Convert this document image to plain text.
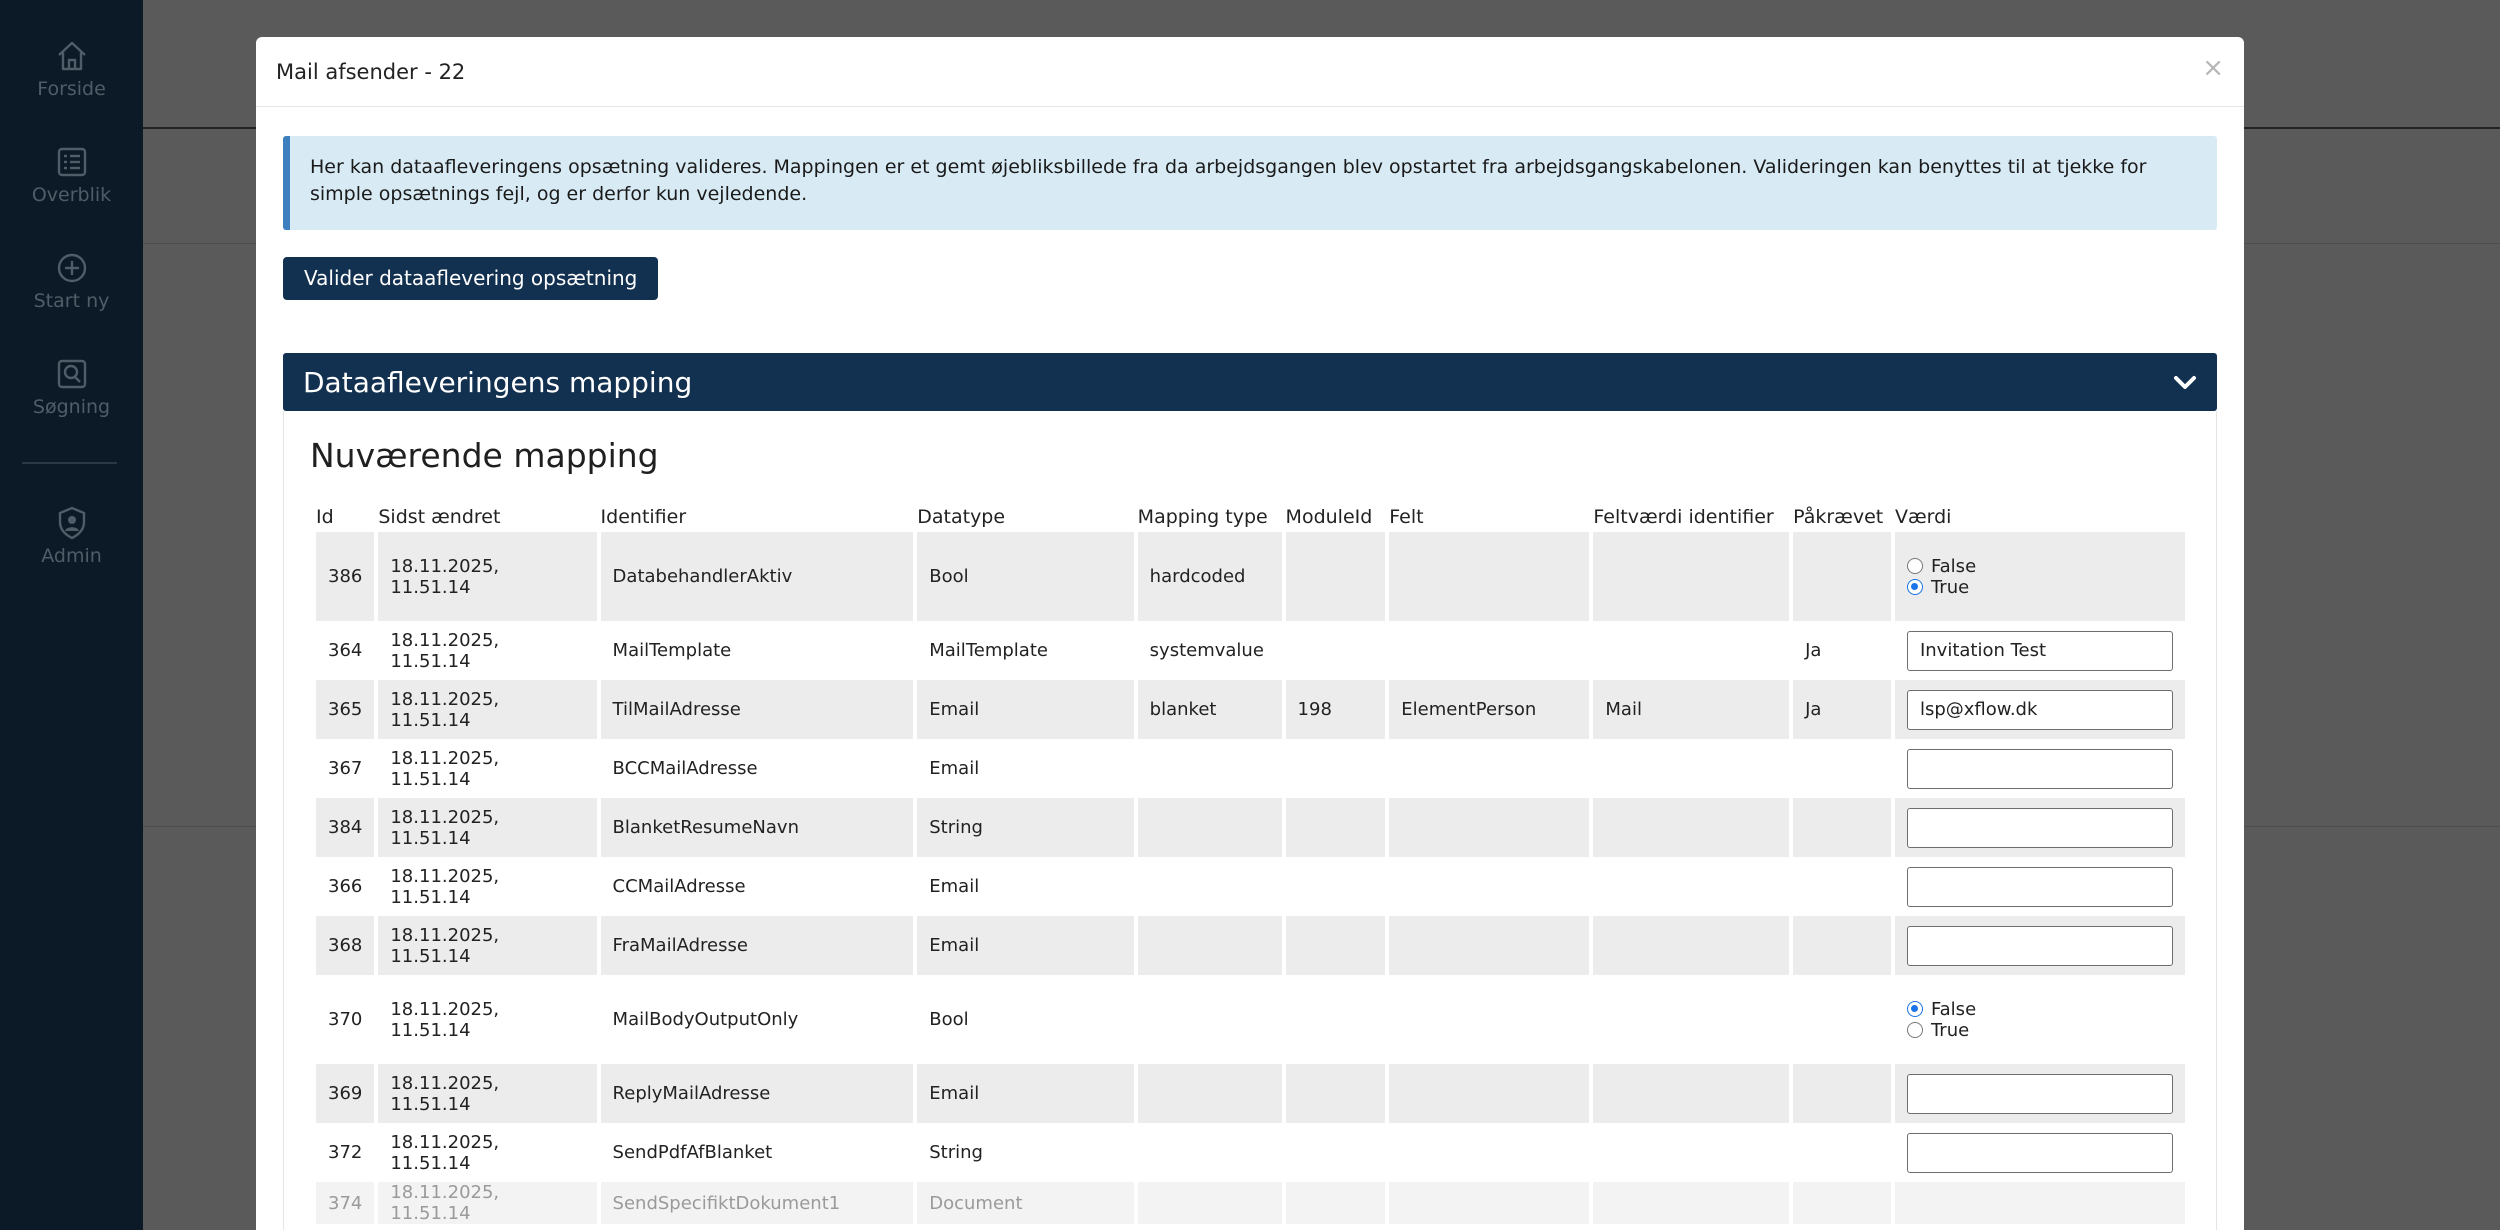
Forside
Overblik
Start ny
Søgning
Admin
Mail afsender - 22	×
Her kan dataafleveringens opsætning valideres. Mappingen er et gemt øjebliksbillede fra da arbejdsgangen blev opstartet fra arbejdsgangskabelonen. Valideringen kan benyttes til at tjekke for simple opsætnings fejl, og er derfor kun vejledende.
Valider dataaflevering opsætning
Dataafleveringens mapping
Nuværende mapping
Id	Sidst ændret	Identifier	Datatype	Mapping type	ModuleId	Felt	Feltværdi identifier	Påkrævet	Værdi
386	18.11.2025, 11.51.14	DatabehandlerAktiv	Bool	hardcoded					False
True

364	18.11.2025, 11.51.14	MailTemplate	MailTemplate	systemvalue				Ja	Invitation Test
365	18.11.2025, 11.51.14	TilMailAdresse	Email	blanket	198	ElementPerson	Mail	Ja	lsp@xflow.dk
367	18.11.2025, 11.51.14	BCCMailAdresse	Email						
384	18.11.2025, 11.51.14	BlanketResumeNavn	String						
366	18.11.2025, 11.51.14	CCMailAdresse	Email						
368	18.11.2025, 11.51.14	FraMailAdresse	Email						
370	18.11.2025, 11.51.14	MailBodyOutputOnly	Bool						False
True

369	18.11.2025, 11.51.14	ReplyMailAdresse	Email						
372	18.11.2025, 11.51.14	SendPdfAfBlanket	String						
374	18.11.2025, 11.51.14	SendSpecifiktDokument1	Document						
